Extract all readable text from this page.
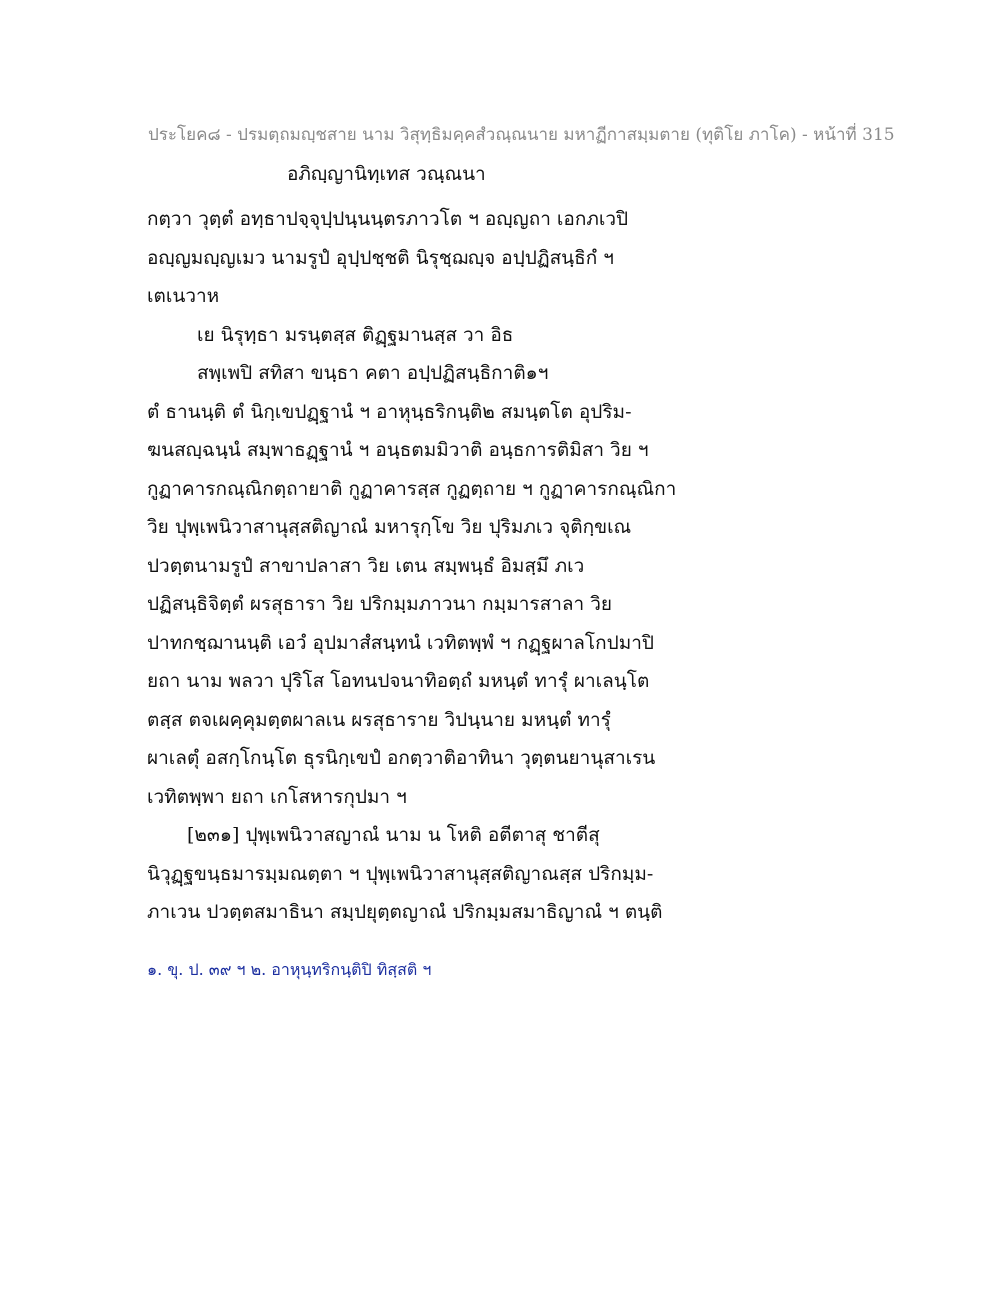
ประโยค๘ - ปรมตฺถมญฺชสาย นาม วิสุทฺธิมคฺคสํวณฺณนาย มหาฏีกาสมฺมตาย (ทุติโย ภาโค) - หน้าที่ 315
อภิญฺญานิทฺเทส วณฺณนา
กตฺวา วุตฺตํ อทฺธาปจฺจุปฺปนฺนนฺตรภาวโต ฯ อญฺญถา เอกภเวปิ
อญฺญมญฺญเมว นามรูปํ อุปฺปชฺชติ นิรุชฺฌญฺจ อปฺปฏิสนฺธิกํ ฯ
เตเนวาห
เย นิรุทฺธา มรนฺตสฺส ติฏฺฐมานสฺส วา อิธ
สพฺเพปิ สทิสา ขนฺธา คตา อปฺปฏิสนฺธิกาติ๑ฯ
ตํ ธานนฺติ ตํ นิกฺเขปฏฺฐานํ ฯ อาหุนฺธริกนฺติ๒ สมนฺตโต อุปริม-
ฆนสญฺฉนฺนํ สมฺพาธฏฺฐานํ ฯ อนฺธตมมิวาติ อนฺธการติมิสา วิย ฯ
กูฏาคารกณฺณิกตฺถายาติ กูฏาคารสฺส กูฏตฺถาย ฯ กูฏาคารกณฺณิกา
วิย ปุพฺเพนิวาสานุสฺสติญาณํ มหารุกฺโข วิย ปุริมภเว จุติกฺขเณ
ปวตฺตนามรูปํ สาขาปลาสา วิย เตน สมฺพนฺธํ อิมสฺมึ ภเว
ปฏิสนฺธิจิตฺตํ ผรสุธารา วิย ปริกมฺมภาวนา กมฺมารสาลา วิย
ปาทกชฺฌานนฺติ เอวํ อุปมาสํสนฺทนํ เวทิตพฺพํ ฯ กฏฺฐผาลโกปมาปิ
ยถา นาม พลวา ปุริโส โอทนปจนาทิอตฺถํ มหนฺตํ ทารุํ ผาเลนฺโต
ตสฺส ตจเผคฺคุมตฺตผาลเน ผรสุธาราย วิปนฺนาย มหนฺตํ ทารุํ
ผาเลตุํ อสกฺโกนฺโต ธุรนิกฺเขปํ อกตฺวาติอาทินา วุตฺตนยานุสาเรน
เวทิตพฺพา ยถา เกโสหารกุปมา ฯ
[๒๓๑] ปุพฺเพนิวาสญาณํ นาม น โหติ อตีตาสุ ชาตีสุ
นิวุฏฺฐขนฺธมารมฺมณตฺตา ฯ ปุพฺเพนิวาสานุสฺสติญาณสฺส ปริกมฺม-
ภาเวน ปวตฺตสมาธินา สมฺปยุตฺตญาณํ ปริกมฺมสมาธิญาณํ ฯ ตนฺติ
๑. ขุ. ป. ๓๙ ฯ ๒. อาหุนฺทริกนฺติปิ ทิสฺสติ ฯ
